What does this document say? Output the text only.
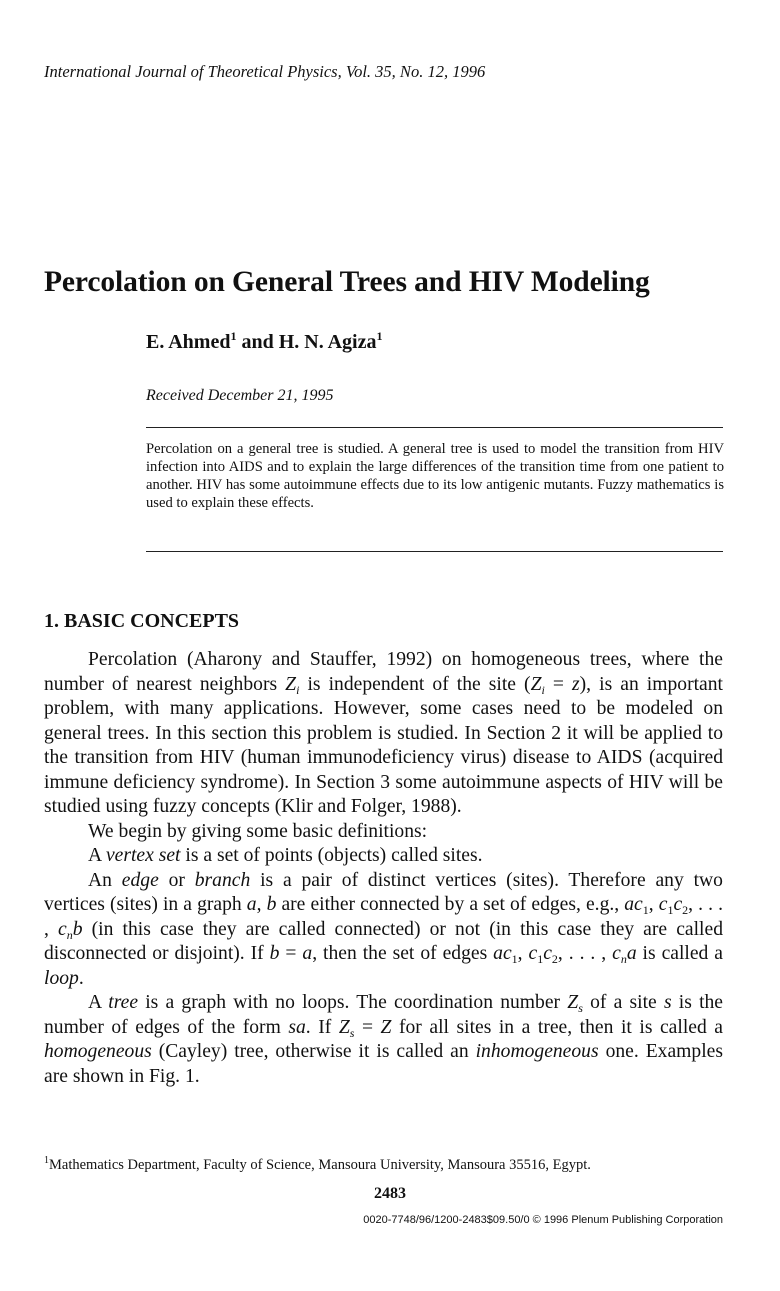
International Journal of Theoretical Physics, Vol. 35, No. 12, 1996
Percolation on General Trees and HIV Modeling
E. Ahmed$^1$ and H. N. Agiza$^1$
Received December 21, 1995
Percolation on a general tree is studied. A general tree is used to model the transition from HIV infection into AIDS and to explain the large differences of the transition time from one patient to another. HIV has some autoimmune effects due to its low antigenic mutants. Fuzzy mathematics is used to explain these effects.
1. BASIC CONCEPTS

Percolation (Aharony and Stauffer, 1992) on homogeneous trees, where the number of nearest neighbors $Z_i$ is independent of the site $(Z_i = z)$, is an important problem, with many applications. However, some cases need to be modeled on general trees. In this section this problem is studied. In Section 2 it will be applied to the transition from HIV (human immunodeficiency virus) disease to AIDS (acquired immune deficiency syndrome). In Section 3 some autoimmune aspects of HIV will be studied using fuzzy concepts (Klir and Folger, 1988).

We begin by giving some basic definitions:

A vertex set is a set of points (objects) called sites.

An edge or branch is a pair of distinct vertices (sites). Therefore any two vertices (sites) in a graph a, b are either connected by a set of edges, e.g., $ac_1$, $c_1c_2$, . . . , $c_nb$ (in this case they are called connected) or not (in this case they are called disconnected or disjoint). If b = a, then the set of edges $ac_1$, $c_1c_2$, . . . , $c_na$ is called a loop.

A tree is a graph with no loops. The coordination number $Z_s$ of a site s is the number of edges of the form sa. If $Z_s = Z$ for all sites in a tree, then it is called a homogeneous (Cayley) tree, otherwise it is called an inhomogeneous one. Examples are shown in Fig. 1.

$^1$Mathematics Department, Faculty of Science, Mansoura University, Mansoura 35516, Egypt.
2483
0020-7748/96/1200-2483$09.50/0 © 1996 Plenum Publishing Corporation
